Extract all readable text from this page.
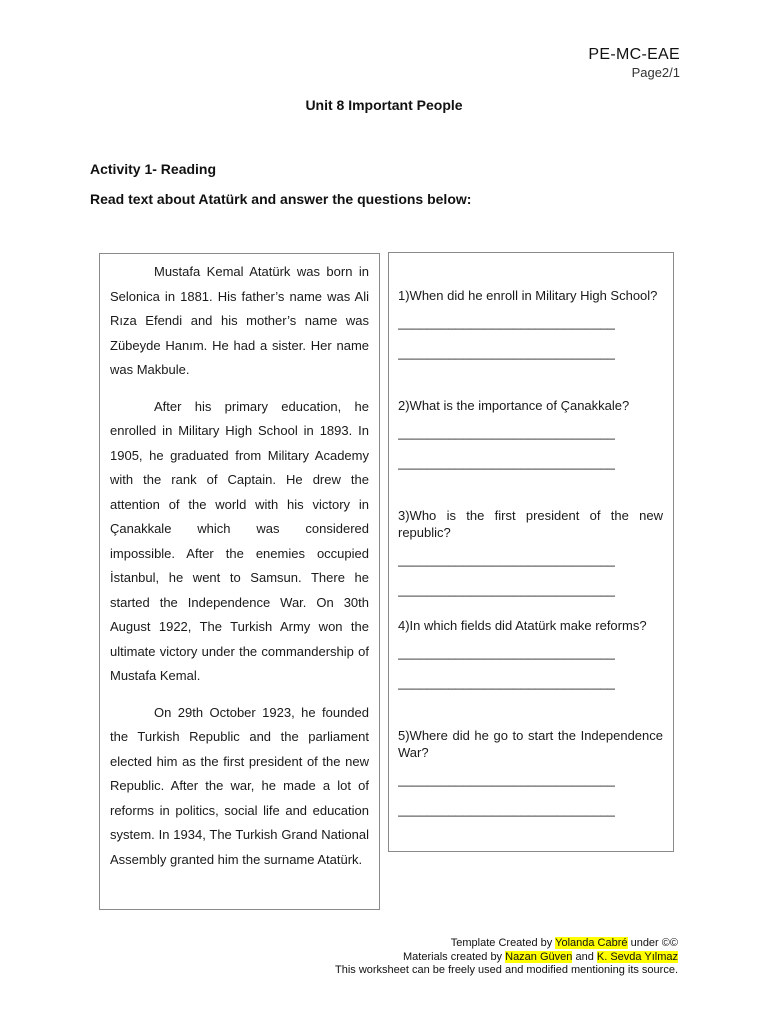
PE-MC-EAE
Page2/1
Unit 8 Important People
Activity 1- Reading
Read text about Atatürk and answer the questions below:

Mustafa Kemal Atatürk was born in Selonica in 1881. His father’s name was Ali Rıza Efendi and his mother’s name was Zübeyde Hanım. He had a sister. Her name was Makbule.

After his primary education, he enrolled in Military High School in 1893. In 1905, he graduated from Military Academy with the rank of Captain. He drew the attention of the world with his victory in Çanakkale which was considered impossible. After the enemies occupied İstanbul, he went to Samsun. There he started the Independence War. On 30th August 1922, The Turkish Army won the ultimate victory under the commandership of Mustafa Kemal.

On 29th October 1923, he founded the Turkish Republic and the parliament elected him as the first president of the new Republic. After the war, he made a lot of reforms in politics, social life and education system. In 1934, The Turkish Grand National Assembly granted him the surname Atatürk.

1)When did he enroll in Military High School?

______________________________
______________________________

2)What is the importance of Çanakkale?

______________________________
______________________________

3)Who is the first president of the new republic?

______________________________
______________________________

4)In which fields did Atatürk make reforms?

______________________________
______________________________

5)Where did he go to start the Independence War?

______________________________
______________________________
Template Created by Yolanda Cabré under ©©
Materials created by Nazan Güven and K. Sevda Yılmaz
This worksheet can be freely used and modified mentioning its source.
